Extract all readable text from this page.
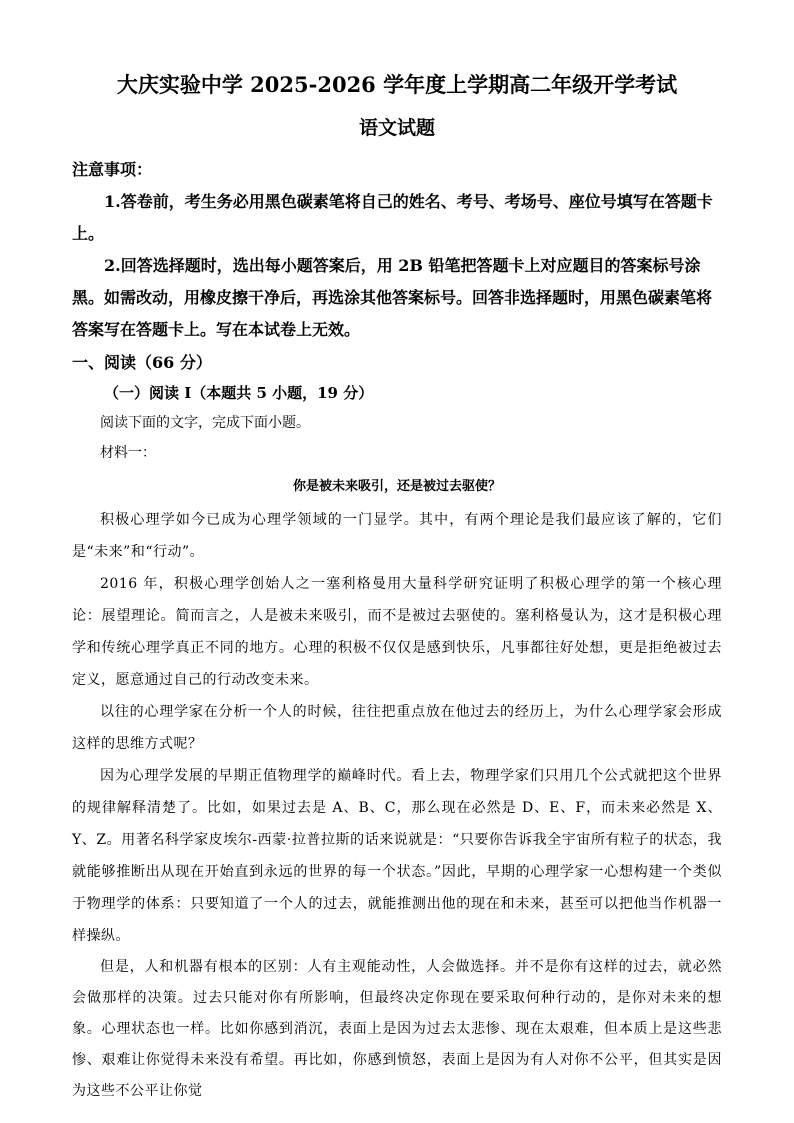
大庆实验中学 2025-2026 学年度上学期高二年级开学考试
语文试题

注意事项：

1.答卷前，考生务必用黑色碳素笔将自己的姓名、考号、考场号、座位号填写在答题卡上。

2.回答选择题时，选出每小题答案后，用 2B 铅笔把答题卡上对应题目的答案标号涂黑。如需改动，用橡皮擦干净后，再选涂其他答案标号。回答非选择题时，用黑色碳素笔将答案写在答题卡上。写在本试卷上无效。

一、阅读（66 分）

（一）阅读 I（本题共 5 小题，19 分）

阅读下面的文字，完成下面小题。

材料一：

你是被未来吸引，还是被过去驱使？

积极心理学如今已成为心理学领域的一门显学。其中，有两个理论是我们最应该了解的，它们是“未来”和“行动”。

2016 年，积极心理学创始人之一塞利格曼用大量科学研究证明了积极心理学的第一个核心理论：展望理论。简而言之，人是被未来吸引，而不是被过去驱使的。塞利格曼认为，这才是积极心理学和传统心理学真正不同的地方。心理的积极不仅仅是感到快乐，凡事都往好处想，更是拒绝被过去定义，愿意通过自己的行动改变未来。

以往的心理学家在分析一个人的时候，往往把重点放在他过去的经历上，为什么心理学家会形成这样的思维方式呢？

因为心理学发展的早期正值物理学的巅峰时代。看上去，物理学家们只用几个公式就把这个世界的规律解释清楚了。比如，如果过去是 A、B、C，那么现在必然是 D、E、F，而未来必然是 X、Y、Z。用著名科学家皮埃尔-西蒙·拉普拉斯的话来说就是：“只要你告诉我全宇宙所有粒子的状态，我就能够推断出从现在开始直到永远的世界的每一个状态。”因此，早期的心理学家一心想构建一个类似于物理学的体系：只要知道了一个人的过去，就能推测出他的现在和未来，甚至可以把他当作机器一样操纵。

但是，人和机器有根本的区别：人有主观能动性，人会做选择。并不是你有这样的过去，就必然会做那样的决策。过去只能对你有所影响，但最终决定你现在要采取何种行动的，是你对未来的想象。心理状态也一样。比如你感到消沉，表面上是因为过去太悲惨、现在太艰难，但本质上是这些悲惨、艰难让你觉得未来没有希望。再比如，你感到愤怒，表面上是因为有人对你不公平，但其实是因为这些不公平让你觉
